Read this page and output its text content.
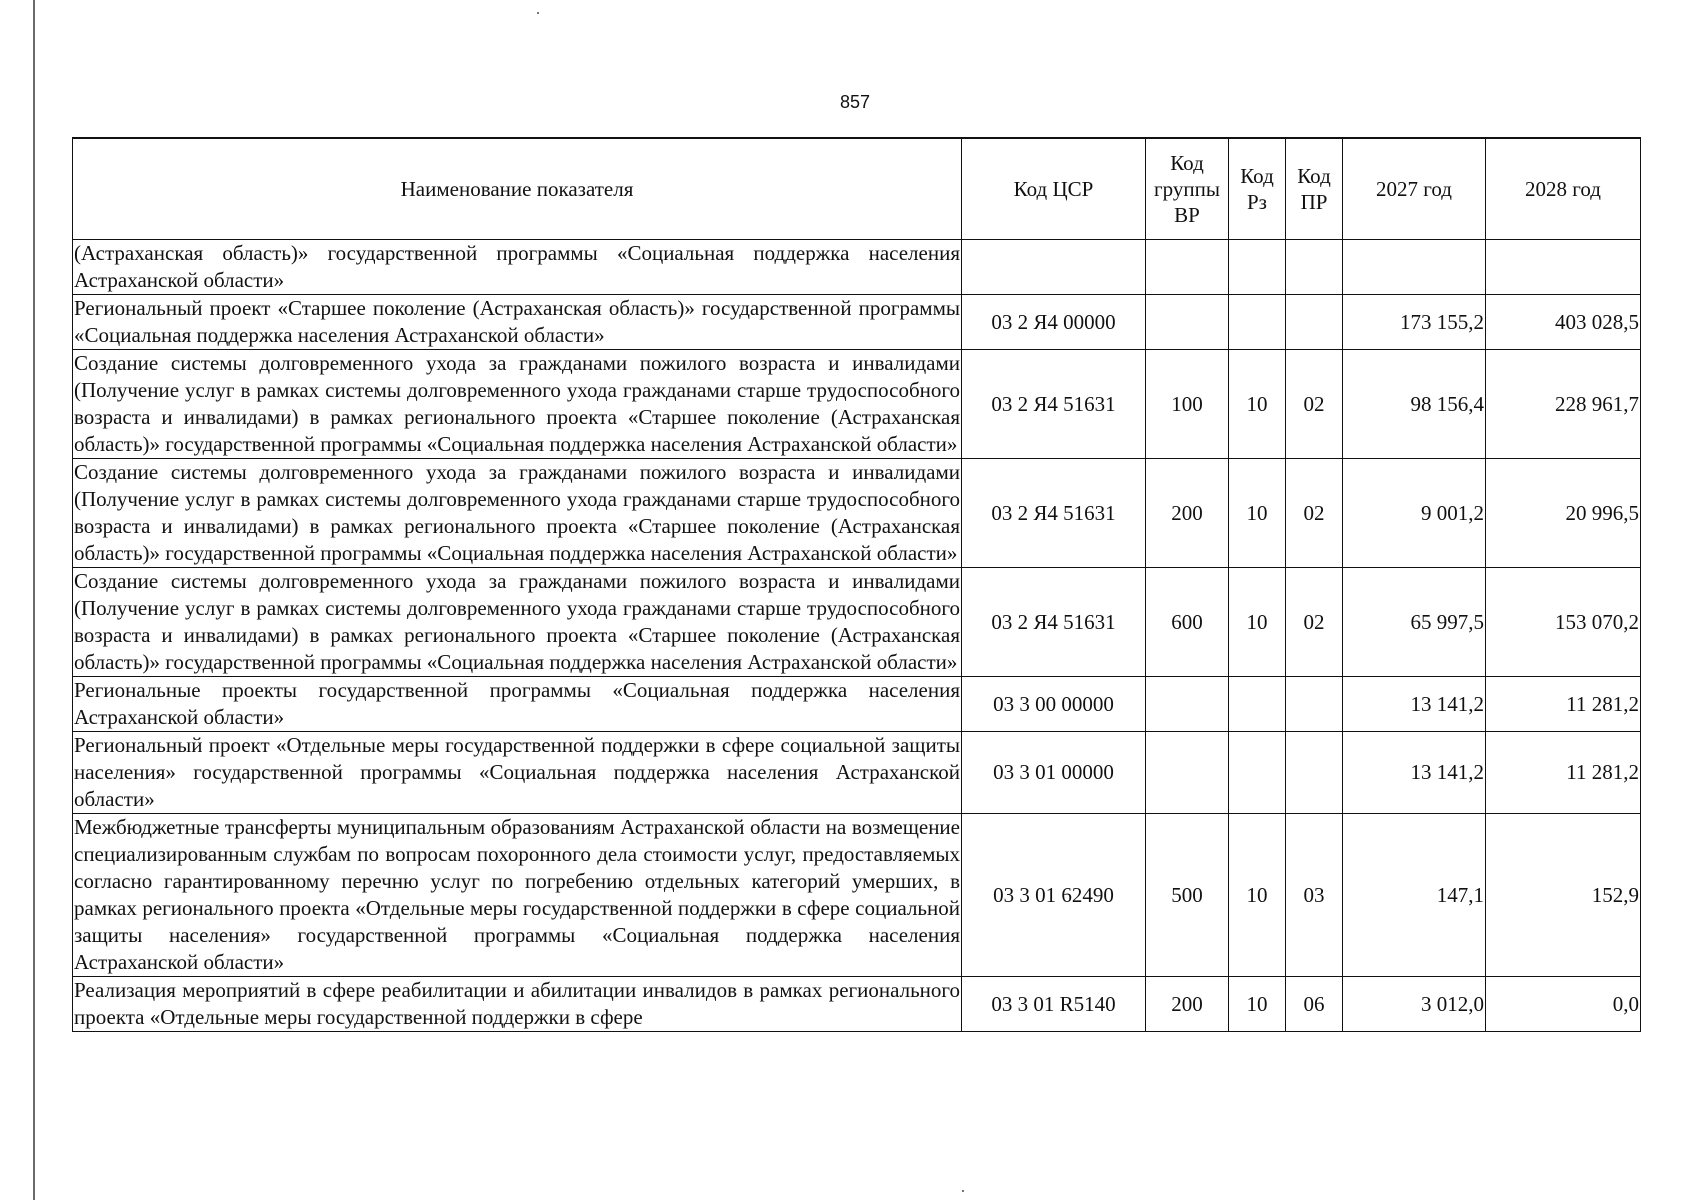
857
Наименование показателя	Код ЦСР	Код группы ВР	Код Рз	Код ПР	2027 год	2028 год
(Астраханская область)» государственной программы «Социальная поддержка населения Астраханской области»						
Региональный проект «Старшее поколение (Астраханская область)» государственной программы «Социальная поддержка населения Астраханской области»	03 2 Я4 00000				173 155,2	403 028,5
Создание системы долговременного ухода за гражданами пожилого возраста и инвалидами (Получение услуг в рамках системы долговременного ухода гражданами старше трудоспособного возраста и инвалидами) в рамках регионального проекта «Старшее поколение (Астраханская область)» государственной программы «Социальная поддержка населения Астраханской области»	03 2 Я4 51631	100	10	02	98 156,4	228 961,7
Создание системы долговременного ухода за гражданами пожилого возраста и инвалидами (Получение услуг в рамках системы долговременного ухода гражданами старше трудоспособного возраста и инвалидами) в рамках регионального проекта «Старшее поколение (Астраханская область)» государственной программы «Социальная поддержка населения Астраханской области»	03 2 Я4 51631	200	10	02	9 001,2	20 996,5
Создание системы долговременного ухода за гражданами пожилого возраста и инвалидами (Получение услуг в рамках системы долговременного ухода гражданами старше трудоспособного возраста и инвалидами) в рамках регионального проекта «Старшее поколение (Астраханская область)» государственной программы «Социальная поддержка населения Астраханской области»	03 2 Я4 51631	600	10	02	65 997,5	153 070,2
Региональные проекты государственной программы «Социальная поддержка населения Астраханской области»	03 3 00 00000				13 141,2	11 281,2
Региональный проект «Отдельные меры государственной поддержки в сфере социальной защиты населения» государственной программы «Социальная поддержка населения Астраханской области»	03 3 01 00000				13 141,2	11 281,2
Межбюджетные трансферты муниципальным образованиям Астраханской области на возмещение специализированным службам по вопросам похоронного дела стоимости услуг, предоставляемых согласно гарантированному перечню услуг по погребению отдельных категорий умерших, в рамках регионального проекта «Отдельные меры государственной поддержки в сфере социальной защиты населения» государственной программы «Социальная поддержка населения Астраханской области»	03 3 01 62490	500	10	03	147,1	152,9
Реализация мероприятий в сфере реабилитации и абилитации инвалидов в рамках регионального проекта «Отдельные меры государственной поддержки в сфере	03 3 01 R5140	200	10	06	3 012,0	0,0
